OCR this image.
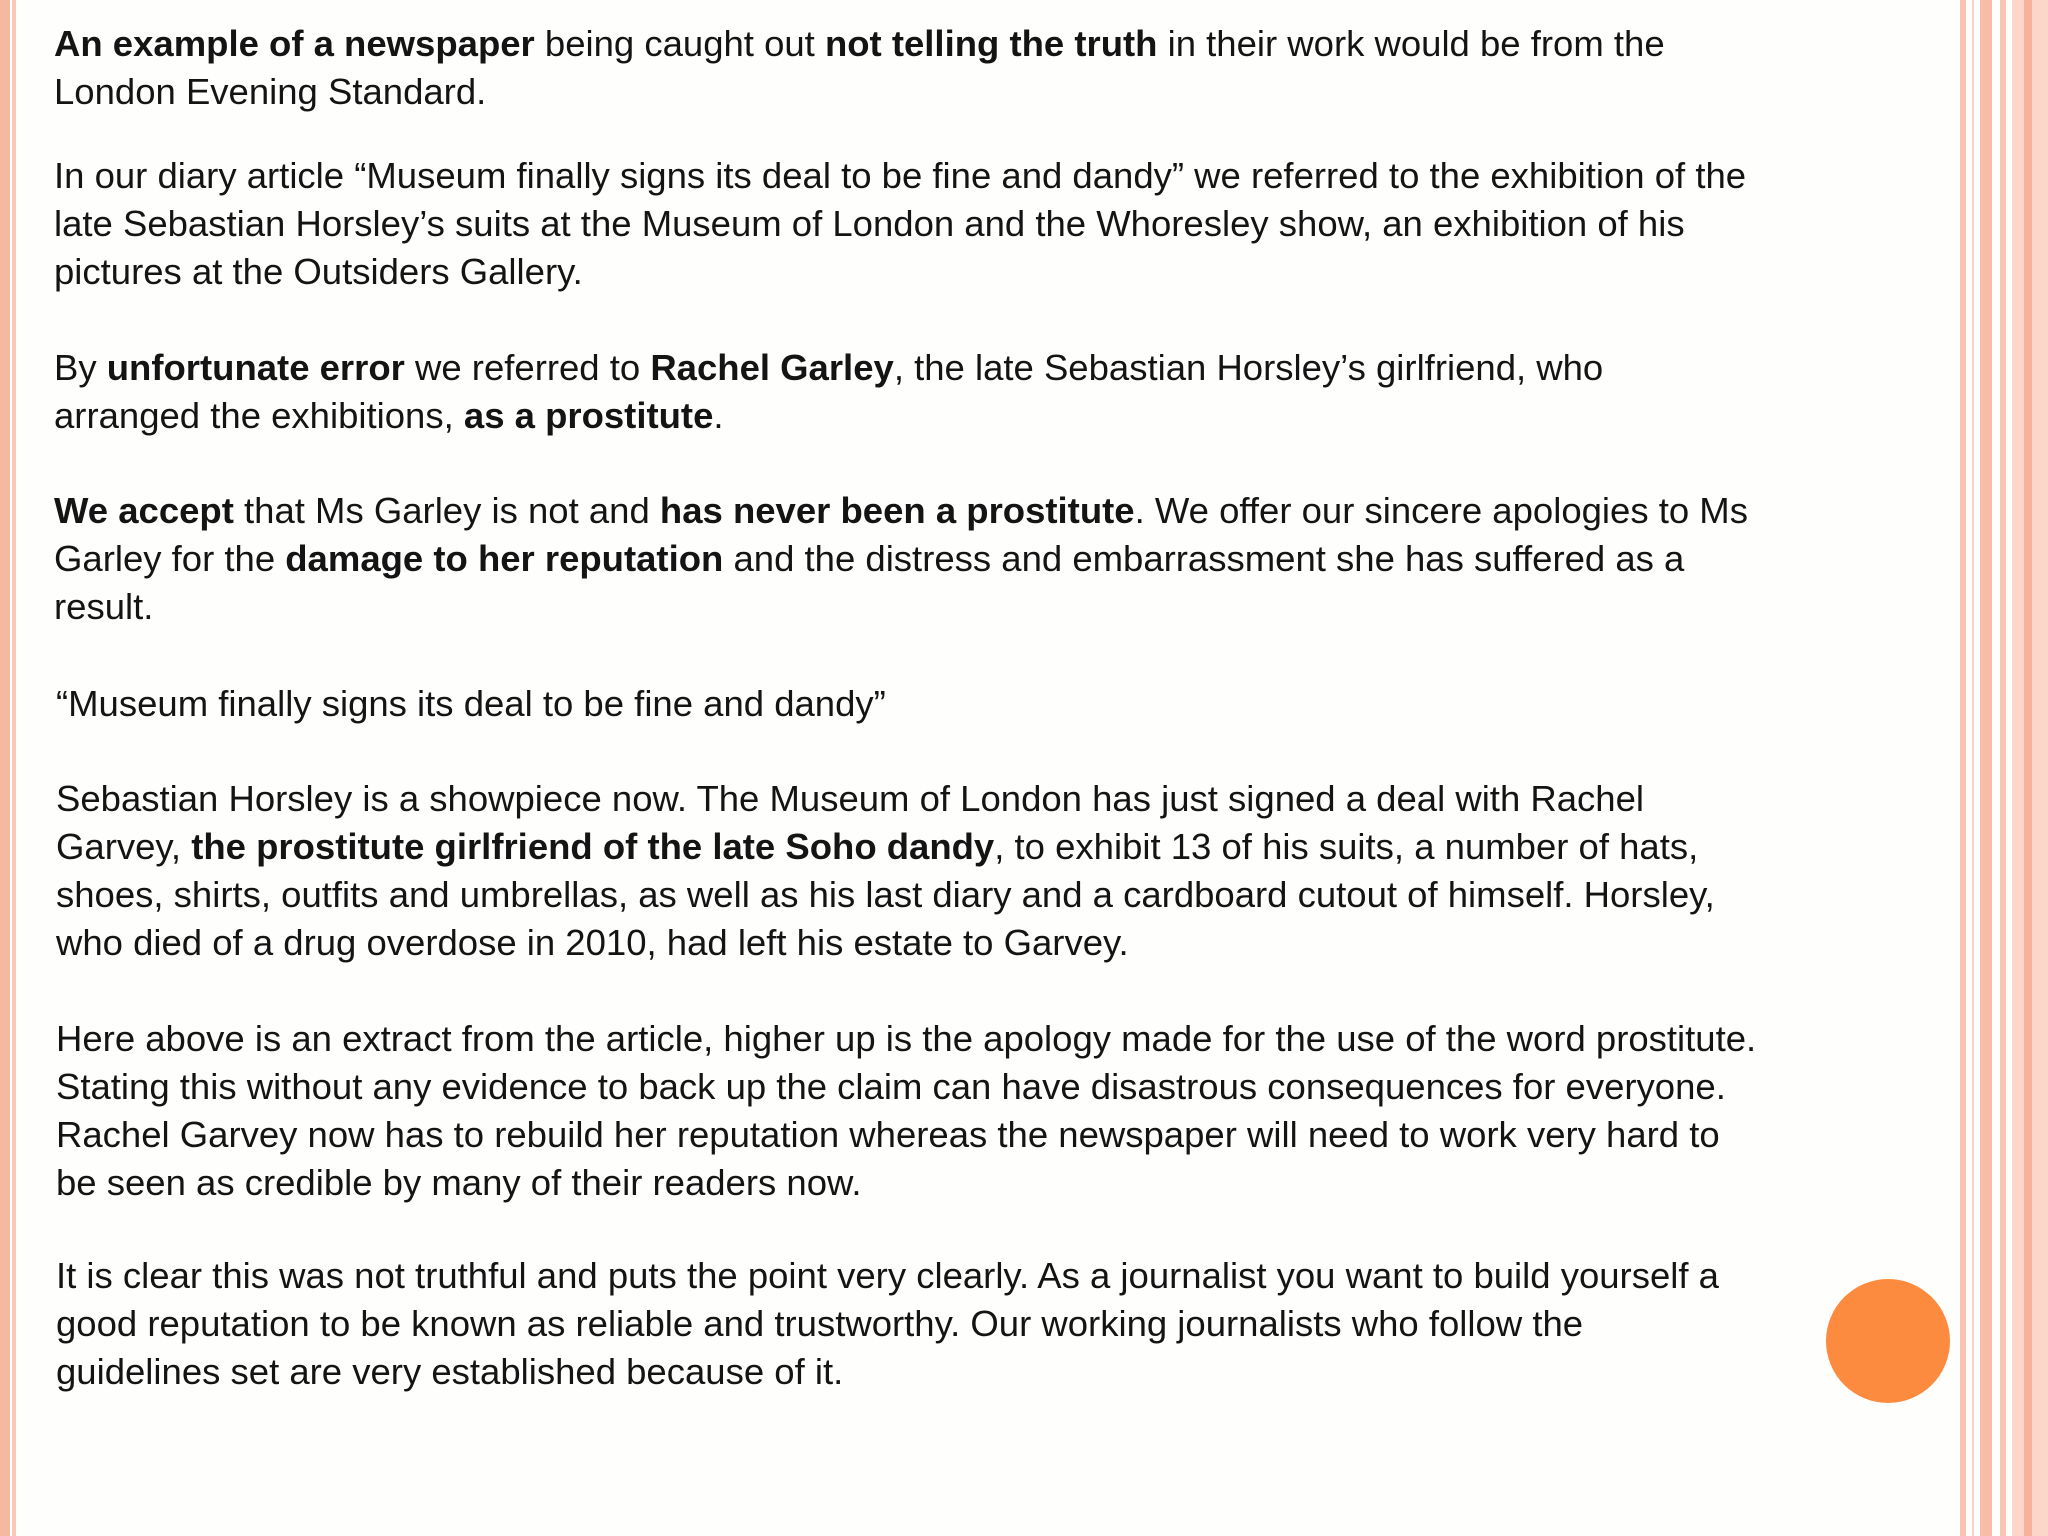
An example of a newspaper being caught out not telling the truth in their work would be from the
London Evening Standard.

In our diary article “Museum finally signs its deal to be fine and dandy” we referred to the exhibition of the
late Sebastian Horsley’s suits at the Museum of London and the Whoresley show, an exhibition of his
pictures at the Outsiders Gallery.

By unfortunate error we referred to Rachel Garley, the late Sebastian Horsley’s girlfriend, who
arranged the exhibitions, as a prostitute.

We accept that Ms Garley is not and has never been a prostitute. We offer our sincere apologies to Ms
Garley for the damage to her reputation and the distress and embarrassment she has suffered as a
result.

“Museum finally signs its deal to be fine and dandy”

Sebastian Horsley is a showpiece now. The Museum of London has just signed a deal with Rachel
Garvey, the prostitute girlfriend of the late Soho dandy, to exhibit 13 of his suits, a number of hats,
shoes, shirts, outfits and umbrellas, as well as his last diary and a cardboard cutout of himself. Horsley,
who died of a drug overdose in 2010, had left his estate to Garvey.

Here above is an extract from the article, higher up is the apology made for the use of the word prostitute.
Stating this without any evidence to back up the claim can have disastrous consequences for everyone.
Rachel Garvey now has to rebuild her reputation whereas the newspaper will need to work very hard to
be seen as credible by many of their readers now.

It is clear this was not truthful and puts the point very clearly. As a journalist you want to build yourself a
good reputation to be known as reliable and trustworthy. Our working journalists who follow the
guidelines set are very established because of it.
